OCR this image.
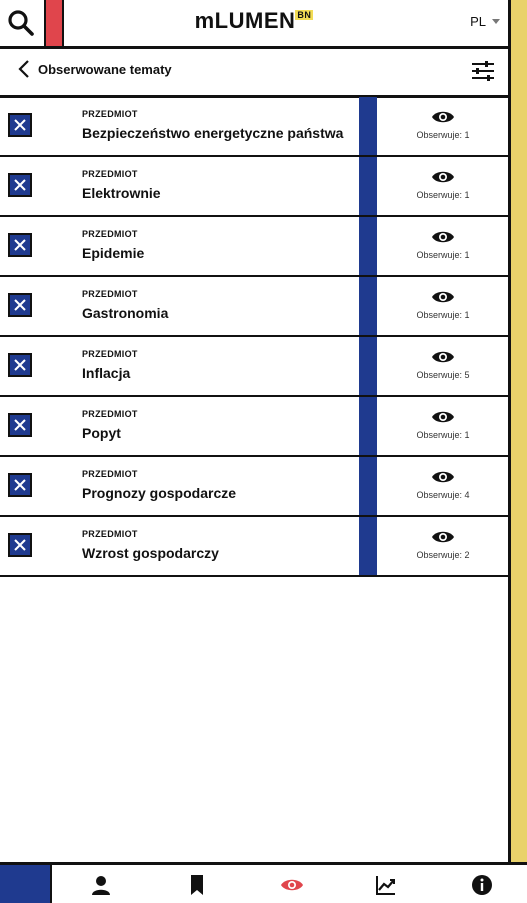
mLUMEN BN	PL
Obserwowane tematy
PRZEDMIOT
Bezpieczeństwo energetyczne państwa	Obserwuje: 1
PRZEDMIOT
Elektrownie	Obserwuje: 1
PRZEDMIOT
Epidemie	Obserwuje: 1
PRZEDMIOT
Gastronomia	Obserwuje: 1
PRZEDMIOT
Inflacja	Obserwuje: 5
PRZEDMIOT
Popyt	Obserwuje: 1
PRZEDMIOT
Prognozy gospodarcze	Obserwuje: 4
PRZEDMIOT
Wzrost gospodarczy	Obserwuje: 2
